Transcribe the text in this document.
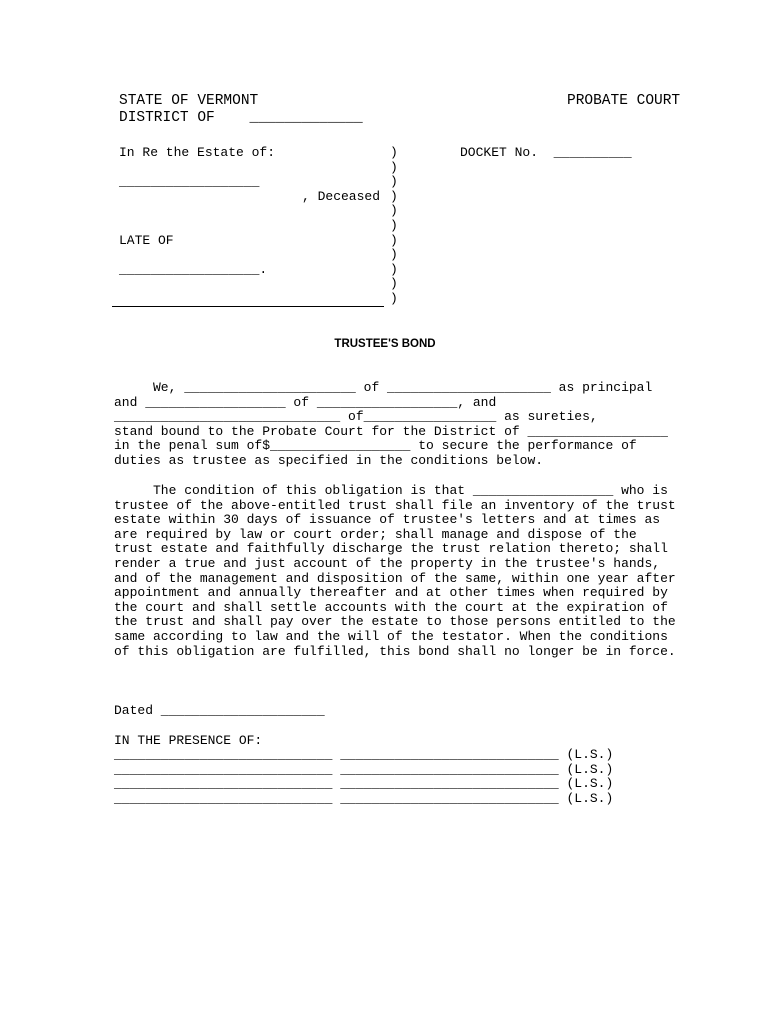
STATE OF VERMONT	PROBATE COURT
DISTRICT OF    _____________
In Re the Estate of:
__________________
, Deceased
LATE OF
__________________.
)
)
)
)
)
)
)
)
)
)
)
DOCKET No.  __________
TRUSTEE'S BOND
We, ______________________ of _____________________ as principal
and __________________ of __________________, and
_____________________________ of_________________ as sureties,
stand bound to the Probate Court for the District of __________________
in the penal sum of$__________________ to secure the performance of
duties as trustee as specified in the conditions below.
The condition of this obligation is that __________________ who is
trustee of the above-entitled trust shall file an inventory of the trust
estate within 30 days of issuance of trustee's letters and at times as
are required by law or court order; shall manage and dispose of the
trust estate and faithfully discharge the trust relation thereto; shall
render a true and just account of the property in the trustee's hands,
and of the management and disposition of the same, within one year after
appointment and annually thereafter and at other times when required by
the court and shall settle accounts with the court at the expiration of
the trust and shall pay over the estate to those persons entitled to the
same according to law and the will of the testator. When the conditions
of this obligation are fulfilled, this bond shall no longer be in force.
Dated _____________________
IN THE PRESENCE OF:
____________________________ ____________________________ (L.S.)
____________________________ ____________________________ (L.S.)
____________________________ ____________________________ (L.S.)
____________________________ ____________________________ (L.S.)
